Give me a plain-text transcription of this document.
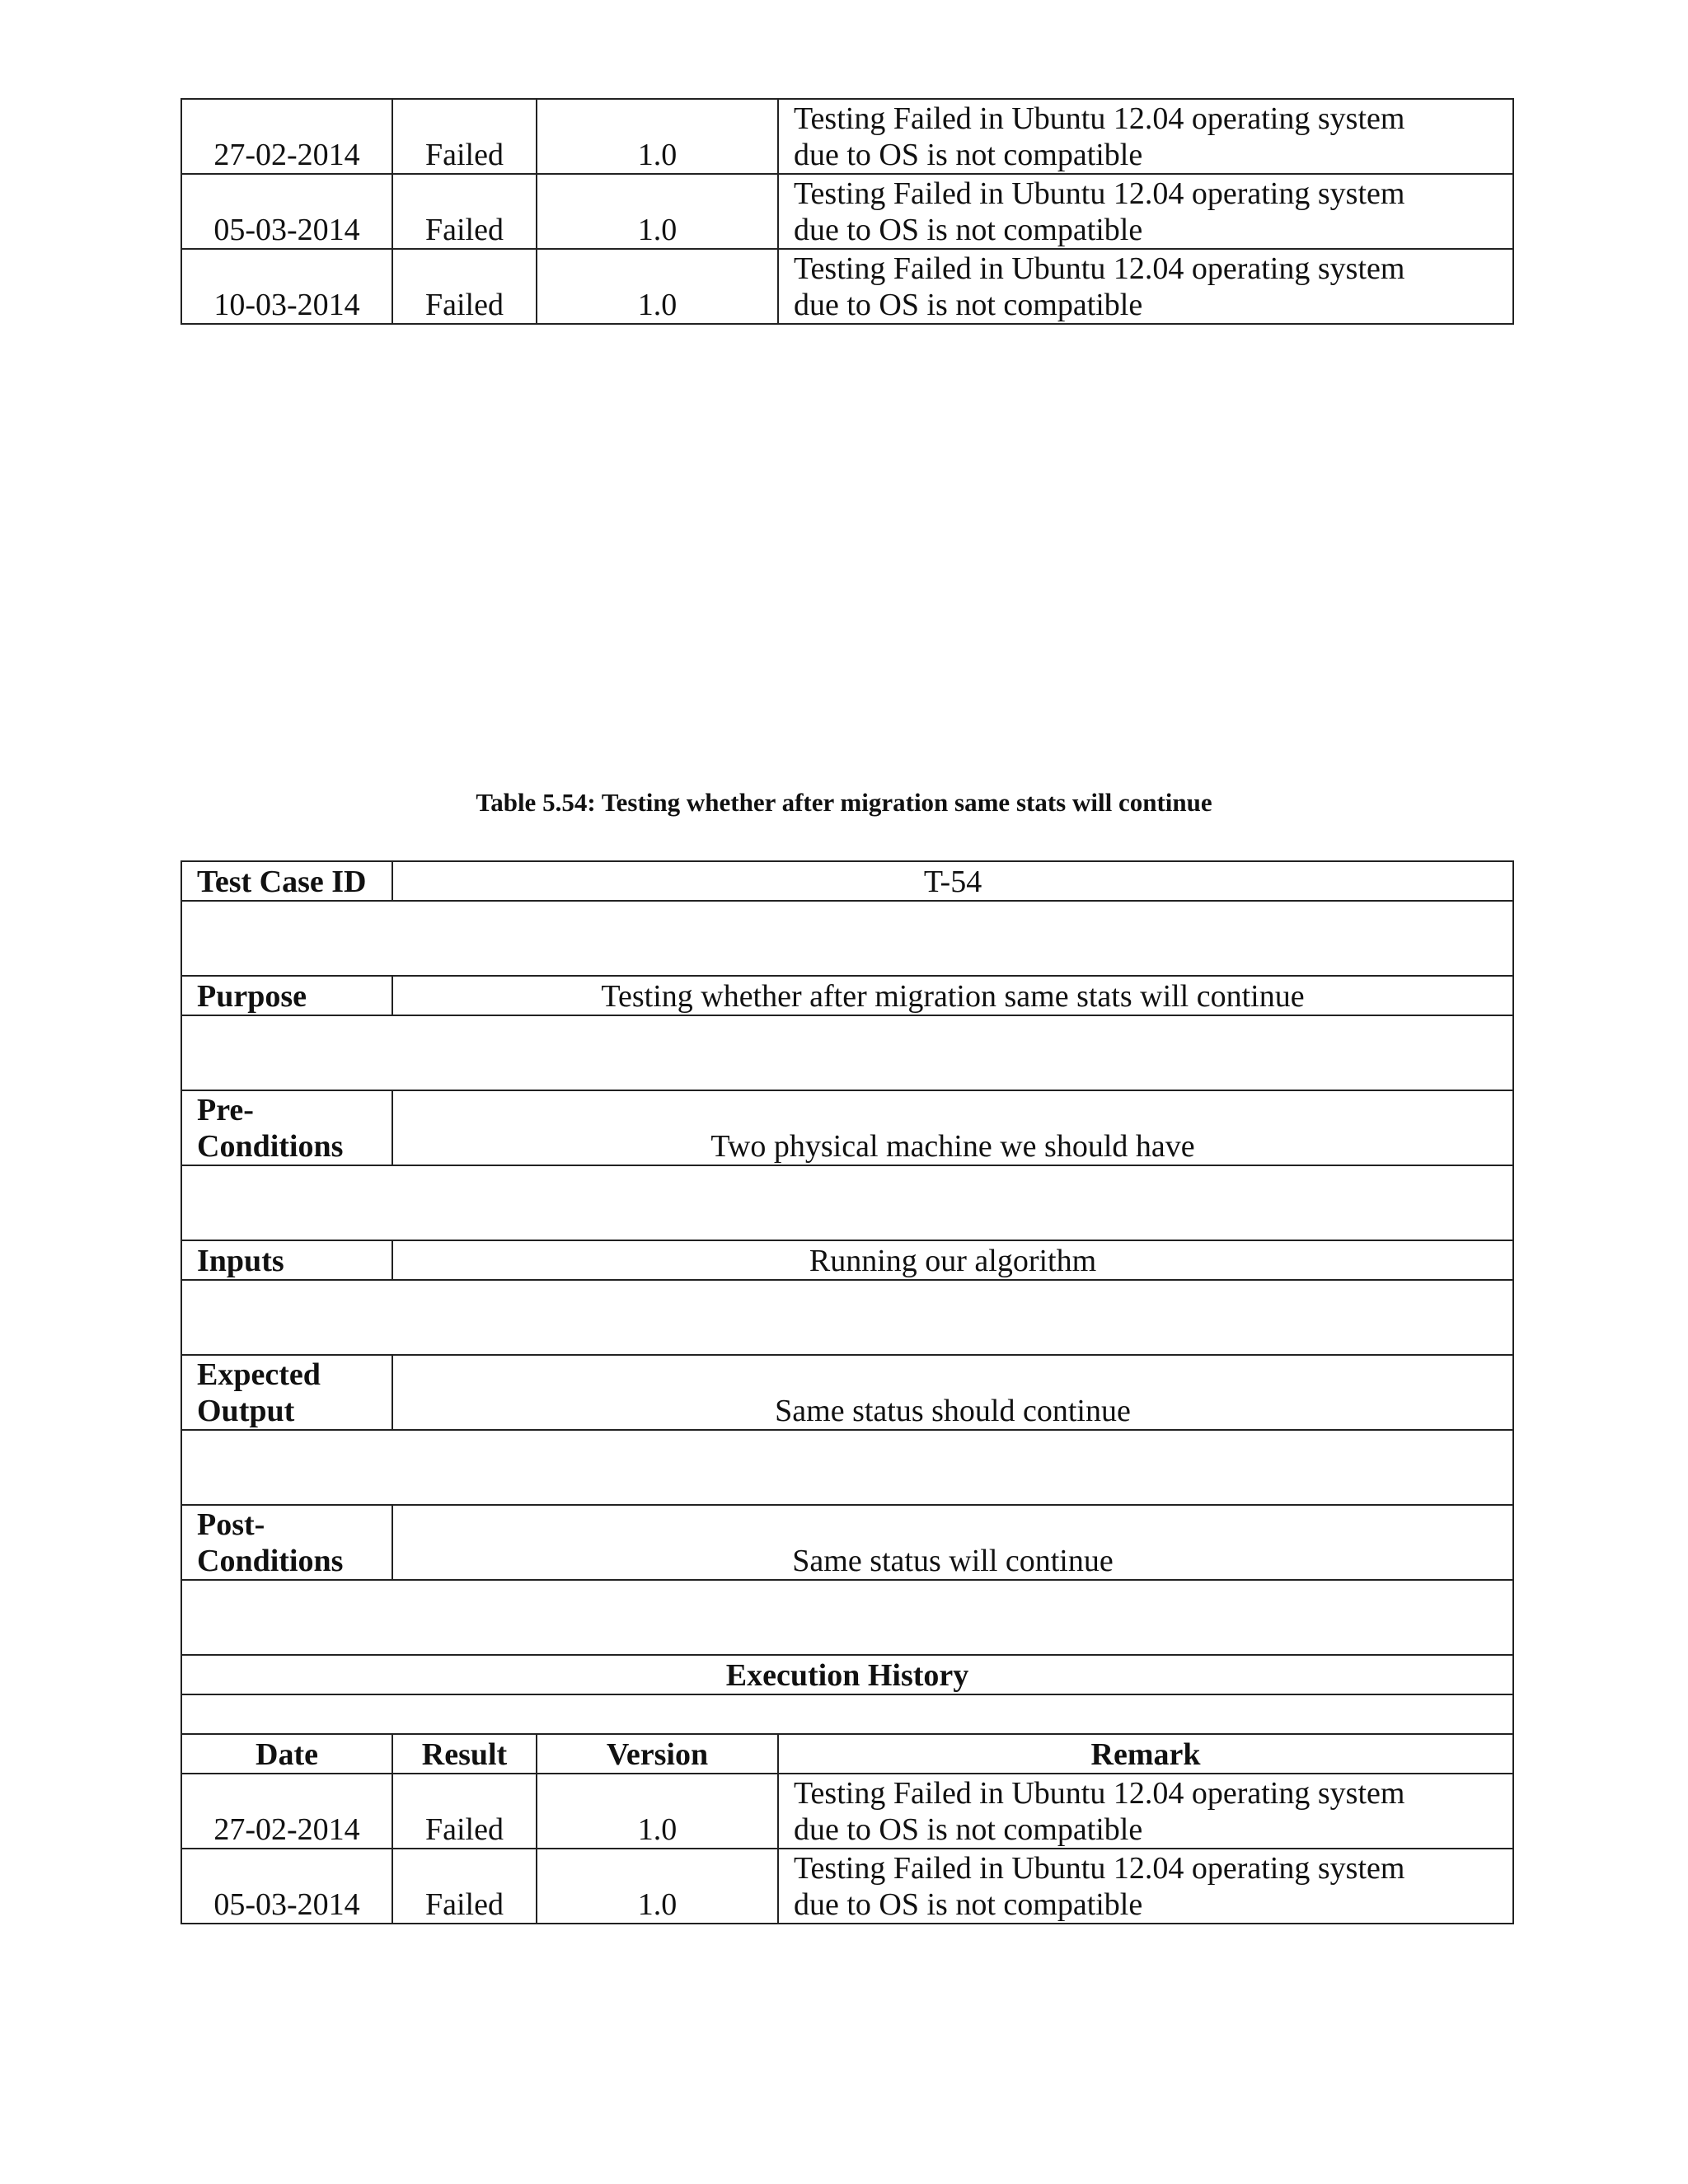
27-02-2014	Failed	1.0	Testing Failed in Ubuntu 12.04 operating system
due to OS is not compatible

05-03-2014	Failed	1.0	Testing Failed in Ubuntu 12.04 operating system
due to OS is not compatible

10-03-2014	Failed	1.0	Testing Failed in Ubuntu 12.04 operating system
due to OS is not compatible
Table 5.54: Testing whether after migration same stats will continue
Test Case ID	T-54		

Purpose	Testing whether after migration same stats will continue		

Pre-
Conditions	Two physical machine we should have		

Inputs	Running our algorithm		

Expected
Output	Same status should continue		

Post-
Conditions	Same status will continue		

Execution History			

Date	Result	Version	Remark
27-02-2014	Failed	1.0	Testing Failed in Ubuntu 12.04 operating system
due to OS is not compatible

05-03-2014	Failed	1.0	Testing Failed in Ubuntu 12.04 operating system
due to OS is not compatible
